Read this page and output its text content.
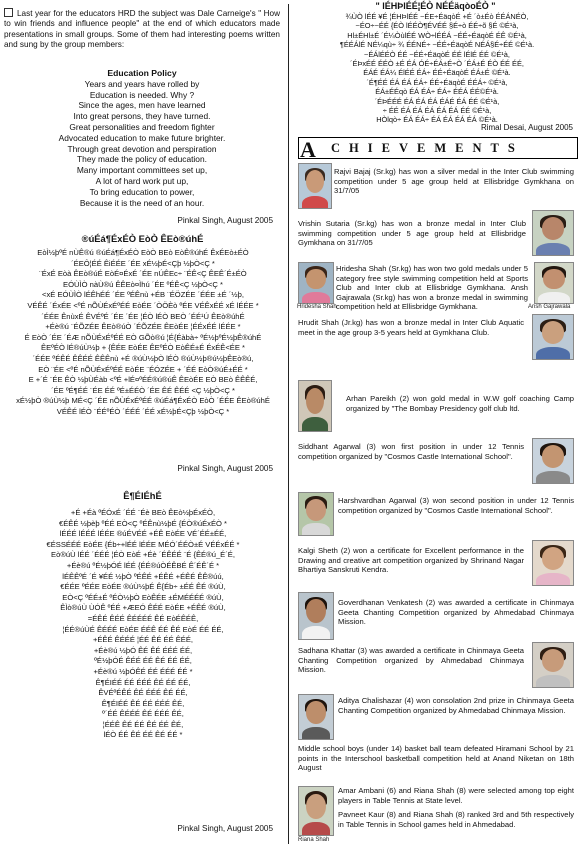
Last year for the educators HRD the subject was Dale Carneige's " How to win friends and influence people" at the end of which educators made presentations in small groups. Some of them had interesting poems written and sung by the group members:
Education Policy
Years and years have rolled by
Education is needed. Why ?
Since the ages, men have learned
Into great persons, they have turned.
Great personalities and freedom fighter
Advocated education to make future brighter.
Through great devotion and perspiration
They made the policy of education.
Many important committees set up,
A lot of hard work put up,
To bring education to power,
Because it is the need of an hour.
Pinkal Singh, August 2005
®úÉá¶ÉxÉÒ EòÒ ÊEò®úhÉ
EòÌ½þºÉ nÙÊ®ú ®úÉá¶ÉxÉÒ EòÒ BEò EòÊ®úhÉ ÊxÉEò±ÉÒ
´ÉEÔ¦ÉÉ ÊiÉÉE ´ÉE xÉ½þÉ<Çþ ½þÒ<Ç *
¨ÉxÉ Eòà ÊEò®úÉ EòÉ¤ÉxÉ ´ÉE nÚÊEc÷ ¨ÉÊ<Ç ÊEÊ´É±ÉÒ
EÓÙÌÒ nàÙ®ú ÊÊEò¤Ìhú ´ÉE ºÉÊ<Ç ½þÒ<Ç *
<xÉ EÓÙÌÒ lÉÊhÉÉ ´ÉE ºÉÊnù +ÉB ¨ÉÖZÉE ´ÉÉE ±É ´½þ,
VÉÊÉ ´ÉxÉE <ºÉ nÕÙÉxÉºÉÉ EòÉE ´ÒÖÈò ºÉE VÉÊxÉÉ xÉ lÉÉE *
´ÉÉE ÊnùxÉ ÊVÉºÉ ´ÉE ´ÉE ¦ÉÒ lÉÒ BEÒ ´ÉÉ¹Ú ÊEò®úhÉ
+Éè®ú ¨ÉÕZÉE ÊEò®úÒ ´ÉÕZÉE ÊEòÉE ¦ÉÉxÉÉ lÉÉE *
É EòÒ ´ÉE ´ÉÆ nÕÙÉxÉºÉÉ EÒ GÕò®ú ¦É{Éàbà÷ ºÉ½þºÉ½þÊ®úhÉ
ÊEºÉÒ lÉ®úÙ½þ + {ÊÉE EòÉE ÊEºÉÒ EòÊÉ±É ÉxÉÊ<ÉE *
´ÉÉE ºÉÊÉ ÊÊÉÉ ÊÊÊnù +É ®úÙ½þÒ lÉÒ ®úÙ½þ®ú½þÊEò®ú,
EÒ ¨ÉE <ºÉ nÕÙÉxÉºÉÉ EòÉE ¨ÉÓZÉE + ´ÉÉ EòÒ®úÉ±ÉÉ *
E +´É ¨ÉE ÊÒ ½þÙÉàb <ºÉ +lÉ¤ºÉÉ®ú®úÊ ÊEòÉE EÒ BEò ÊÊÊÉ,
´ÉE ºÉ¶ÉÉ ¨ÉE ÉÉ ºÉ±ÉÉÒ ´ÉE ÊÉ ÊÉÉ <Ç ½þÒ<Ç *
xÉ½þÒ ®úÙ½þ MÉ<Ç ´ÉE nÕÙÉxÉºÉÉ ®úÉá¶ÉxÉÒ EòÒ ´ÉÉE ÊEò®úhÉ
VÉÊÉ lÉÒ ¨ÉÉºÉÒ ´ÉÉÉ ´ÉÉ xÉ½þÉ<Çþ ½þÒ<Ç *
Pinkal Singh, August 2005
Ê¶ÉIÉhÉ
+É +Éà ºÉÓxÉ ´ÉÉ ¨Éè BEò ÊEò½þÉxÉÒ,
€ÉÊÉ ½þèþ ºÉÉ EÒ<Ç ºÉÊnù½þÉ {ÉÒ®úÉxÉÒ *
lÉÉÉ lÉÉÉ lÉÉE ®úÉVÉÉ +ÉÊ EòÉE VÉ´ÉÉ±ÉÉ,
€ÉSSÉÉÉ EòÉE {Éb÷+lÉÉ lÉÉE MÉÓ´ÉÉÒ±É VÉÉxÉÉ *
Eò®úÙ lÉÉ ´ÉÉÉ ¦ÉÒ EòÉ +Éè ´ÉÊÉÉ ¨É {ÊÉ®ú_É´É,
+Éè®ú ºÉ½þÓÉ lÉÉ {ÉÉ®úÒÉÊBÉ Ê´ÉÊ´É *
lÉÊÊºÉ ´É ¥ÉÉ ½þÒ ºÉÊÉ +ÉÊÉ +ÉÊÉ ÊÊ®úú,
€ÉÉE ºÉÉE EòÉE ®úÙ½þÉ Ê{Éb÷ ±ÉÉ ÊÉ ®úÙ,
EÒ<Ç ºÉÉ±É ºÉÒ½þÒ EòÊÉE ±ÉMÉÉÉÉ ®úÙ,
ÊÌò®úÙ ÙÓÊ ºÉÉ +ÆEÓ ÊÉÉ EòÉE +ÉÊÉ ®úÙ,
=ÉÊÉ ÊÉÉ ÊÉÉÉÉ ÊÉ EòÉÊÉÊ,
¦ÉÉ®úÙÉ ÊÉÉÉ EòÉE ÉÉÊ ÉÉ ÊÉ EòÉ ÉÉ ÉÉ,
+ÉÊÉ ÊÉÉÉ ¦ÉÉ ÊÉ ÉÉ ÊÉÉ,
+Éè®ú ½þÓ ÊÉ ÊÉ ÉÉÉ ÉÉ,
ºÉ½þÓÉ ÊÉÉ ÉÉ ÊÉ ÉÉ ÉÉ,
+Éè®ú ½þÓÊÉ ÉÉ ÉÉÉ ÉÉ *
Ê¶ÉIÉÉ ÉÉ ÉÉÉ ÊÉ ÉÉ ÉÉ,
ÊVÉºÉÊÉ ÊÉ ÉÉÉ ÊÉ ÉÉ,
Ê¶ÉIÉÉ ÊÉ ÉÉ ÉÉÉ ÊÉ,
º´ÉÉ ÊÉÉÉ ÊÉ ÉÉÉ ÊÉ,
¦ÉÉÊ ÊÉ ÉÉ ÊÉ ÉÉ ÊÉ,
lÉÒ ÉÉ ÊÉ ÉÉ ÊÉ ÉÉ *
Pinkal Singh, August 2005
" lÉHÞlÉÉ¦ÉÒ NÉÉäqòoÉÒ "
¾ÙÒ lÉÉ ¥É ¦ÉHÞlÉÉ ~ÉE÷ÉäqòÉ +É ´ò±Éò ÉÉÁNÉÒ,
~ÉO÷~ÉÉ {ÉÒ lÉÉÒ¶ÉVÉÉ §É÷ò ÉÉ÷õ §É ©É¹à,
Hl±ÉHl±É ´É¼ÒùlÉÉ WÒ÷lÉÉÁ ~ÉÉ÷ÉäqòÉ ÉÊ ©É¹à,
¶ÉÉÁlÉ NÉ¼qù÷ ¾ ÉÉNÉ÷ ~ÉÉ÷ÉäqòÉ NÉÁ§É÷ÉÉ ©É¹à.
~ÉÁlÉÉÒ ÉÉ ~ÉÉ÷ÉäqòÉ ÉÉ lÉlÉ ÉÉ ©É¹à,
´ÉÞxÉÉ ÉÉÒ ±É ÉÁ ÓÉ÷ÉÁ±É÷Ò ´ÉÁ±É ÉÒ ÉÉ ÉÉ,
ÉÁÉ ÉÁ¼ ÉlÉÉ ÉÁ÷ ÉÉ÷ÉäqòÉ ÉÁ±É ©É¹à.
´É¶ÉÉ ÉÁ ÉÁ ÉÁ÷ ÉÉ÷ÉäqòÉ ÉÉÁ÷ ©É¹à,
ÉÁ±ÉÉqò ÉÁ ÉÁ÷ ÉÁ÷ ÉÉÁ ÉÉ©É¹à.
´ÉÞÉÉÉ ÉÁ ÉÁ ÉÁ ÉÁÉ ÉÁ ÉÉ ©É¹à,
÷ ÉÉ ÉÁ ÉÁ ÉÁ ÉÁ ÉÁ ÉÉ ©É¹à,
HÒlqò÷ ÉÁ ÉÁ÷ ÉÁ ÉÁ ÉÁ ÉÁ ©É¹à.
Rimal Desai, August 2005
A CHIEVEMENTS
Rajvi Bajaj (Sr.kg) has won a silver medal in the Inter Club swimming competition under 5 age group held at Ellisbridge Gymkhana on 31/7/05
Vrishin Sutaria (Sr.kg) has won a bronze medal in Inter Club swimming competition under 5 age group held at Ellisbridge Gymkhana on 31/7/05
Hridesha Shah
Hridesha Shah (Sr.kg) has won two gold medals under 5 category free style swimming competition held at Sports Club and Inter club at Ellisbridge Gymkhana. Ansh Gajrawala (Sr.kg) has won a bronze medal in swimming competition held at Ellisbridge Gymkhana.	Ansh Gajrawala
Hrudit Shah (Jr.kg) has won a bronze medal in Inter Club Aquatic meet in the age group 3-5 years held at Gymkhana Club.
Arhan Pareikh (2) won gold medal in W.W golf coaching Camp organized by "The Bombay Presidency golf club ltd.
Siddhant Agarwal (3) won first position in under 12 Tennis competition organized by "Cosmos Castle International School".
Harshvardhan Agarwal (3) won second position in under 12 Tennis competition organized by "Cosmos Castle International School".
Kalgi Sheth (2) won a certificate for Excellent performance in the Drawing and creative art competition organized by Shrinand Nagar Bhartiya Sanskruti Kendra.
Goverdhanan Venkatesh (2) was awarded a certificate in Chinmaya Geeta Chanting Competition organized by Ahmedabad Chinmaya Mission.
Sadhana Khattar (3) was awarded a certificate in Chinmaya Geeta Chanting Competition organized by Ahmedabad Chinmaya Mission.
Aditya Chalishazar (4) won consolation 2nd prize in Chinmaya Geeta Chanting Competition organized by Ahmedabad Chinmaya Mission.
Middle school boys (under 14) basket ball team defeated Hiramani School by 21 points in the Interschool basketball competition held at Anand Niketan on 18th August
Riana Shah
Amar Ambani (6) and Riana Shah (8) were selected among top eight players in Table Tennis at State level.
Pavneet Kaur (8) and Riana Shah (8) ranked 3rd and 5th respectively in Table Tennis in School games held in Ahmedabad.
